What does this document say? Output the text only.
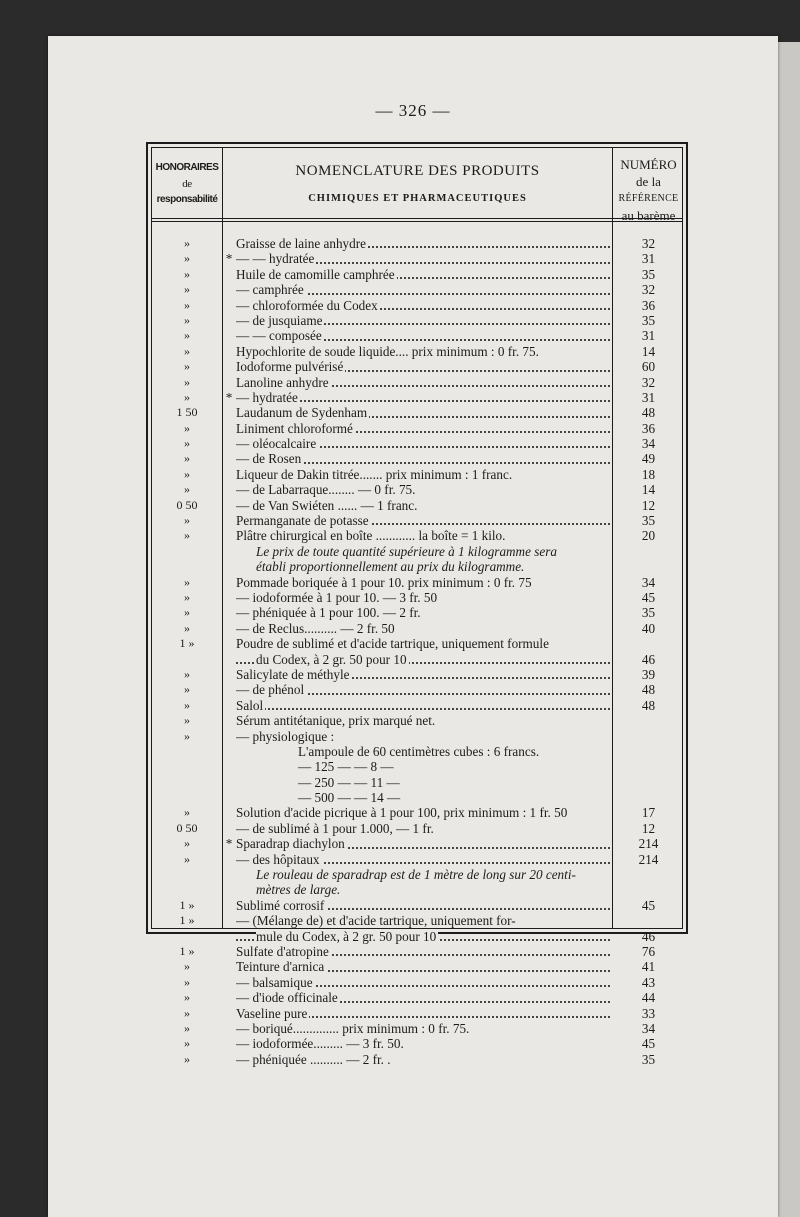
— 326 —
HONORAIRES
de
responsabilité
NOMENCLATURE DES PRODUITS
CHIMIQUES ET PHARMACEUTIQUES
NUMÉRO
de la
RÉFÉRENCE
au barème
»	Graisse de laine anhydre	32
»	* — — hydratée	31
»	Huile de camomille camphrée	35
»	— camphrée	32
»	— chloroformée du Codex	36
»	— de jusquiame	35
»	— — composée	31
»	Hypochlorite de soude liquide.... prix minimum : 0 fr. 75.	14
»	Iodoforme pulvérisé	60
»	Lanoline anhydre	32
»	* — hydratée	31
1 50	Laudanum de Sydenham	48
»	Liniment chloroformé	36
»	— oléocalcaire	34
»	— de Rosen	49
»	Liqueur de Dakin titrée....... prix minimum : 1 franc.	18
»	— de Labarraque........ — 0 fr. 75.	14
0 50	— de Van Swiéten ...... — 1 franc.	12
»	Permanganate de potasse	35
»	Plâtre chirurgical en boîte ............ la boîte = 1 kilo.	20
Le prix de toute quantité supérieure à 1 kilogramme sera
établi proportionnellement au prix du kilogramme.
»	Pommade boriquée à 1 pour 10. prix minimum : 0 fr. 75	34
»	— iodoformée à 1 pour 10. — 3 fr. 50	45
»	— phéniquée à 1 pour 100. — 2 fr.	35
»	— de Reclus.......... — 2 fr. 50	40
1 »	Poudre de sublimé et d'acide tartrique, uniquement formule
du Codex, à 2 gr. 50 pour 10	46
»	Salicylate de méthyle	39
»	— de phénol	48
»	Salol	48
»	Sérum antitétanique, prix marqué net.
»	— physiologique :
L'ampoule de 60 centimètres cubes : 6 francs.
— 125 — — 8 —
— 250 — — 11 —
— 500 — — 14 —
»	Solution d'acide picrique à 1 pour 100, prix minimum : 1 fr. 50	17
0 50	— de sublimé à 1 pour 1.000, — 1 fr.	12
»	* Sparadrap diachylon	214
»	— des hôpitaux	214
Le rouleau de sparadrap est de 1 mètre de long sur 20 centi-
mètres de large.
1 »	Sublimé corrosif	45
1 »	— (Mélange de) et d'acide tartrique, uniquement for-
mule du Codex, à 2 gr. 50 pour 10	46
1 »	Sulfate d'atropine	76
»	Teinture d'arnica	41
»	— balsamique	43
»	— d'iode officinale	44
»	Vaseline pure	33
»	— boriqué.............. prix minimum : 0 fr. 75.	34
»	— iodoformée......... — 3 fr. 50.	45
»	— phéniquée .......... — 2 fr. .	35
